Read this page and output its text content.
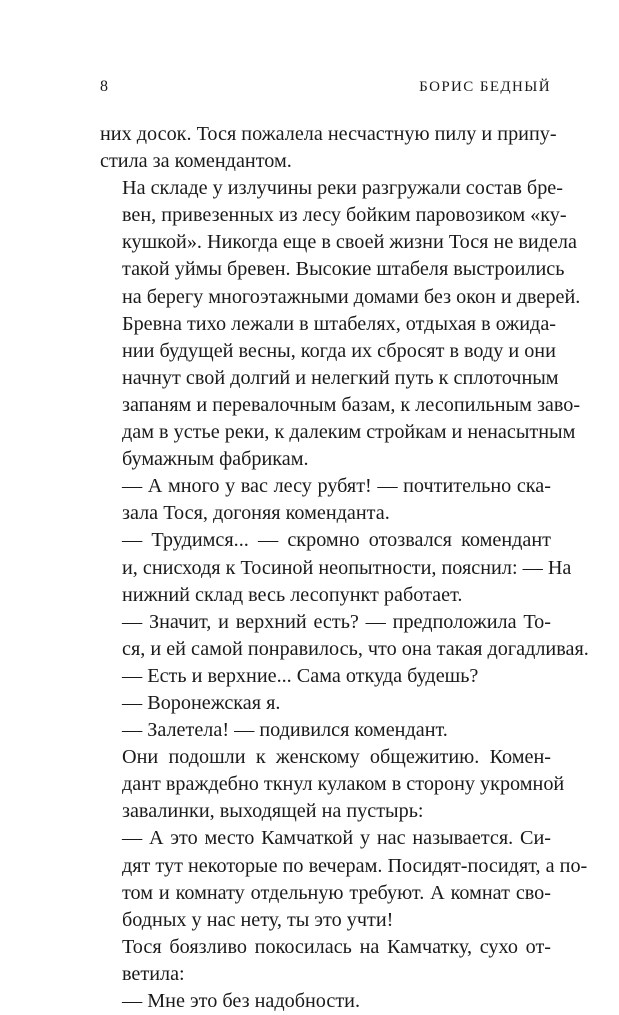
8	БОРИС БЕДНЫЙ
них досок. Тося пожалела несчастную пилу и припу-
стила за комендантом.
На складе у излучины реки разгружали состав бре-
вен, привезенных из лесу бойким паровозиком «ку-
кушкой». Никогда еще в своей жизни Тося не видела
такой уймы бревен. Высокие штабеля выстроились
на берегу многоэтажными домами без окон и дверей.
Бревна тихо лежали в штабелях, отдыхая в ожида-
нии будущей весны, когда их сбросят в воду и они
начнут свой долгий и нелегкий путь к сплоточным
запаням и перевалочным базам, к лесопильным заво-
дам в устье реки, к далеким стройкам и ненасытным
бумажным фабрикам.
— А много у вас лесу рубят! — почтительно ска-
зала Тося, догоняя коменданта.
— Трудимся... — скромно отозвался комендант
и, снисходя к Тосиной неопытности, пояснил: — На
нижний склад весь лесопункт работает.
— Значит, и верхний есть? — предположила То-
ся, и ей самой понравилось, что она такая догадливая.
— Есть и верхние... Сама откуда будешь?
— Воронежская я.
— Залетела! — подивился комендант.
Они подошли к женскому общежитию. Комен-
дант враждебно ткнул кулаком в сторону укромной
завалинки, выходящей на пустырь:
— А это место Камчаткой у нас называется. Си-
дят тут некоторые по вечерам. Посидят-посидят, а по-
том и комнату отдельную требуют. А комнат сво-
бодных у нас нету, ты это учти!
Тося боязливо покосилась на Камчатку, сухо от-
ветила:
— Мне это без надобности.
